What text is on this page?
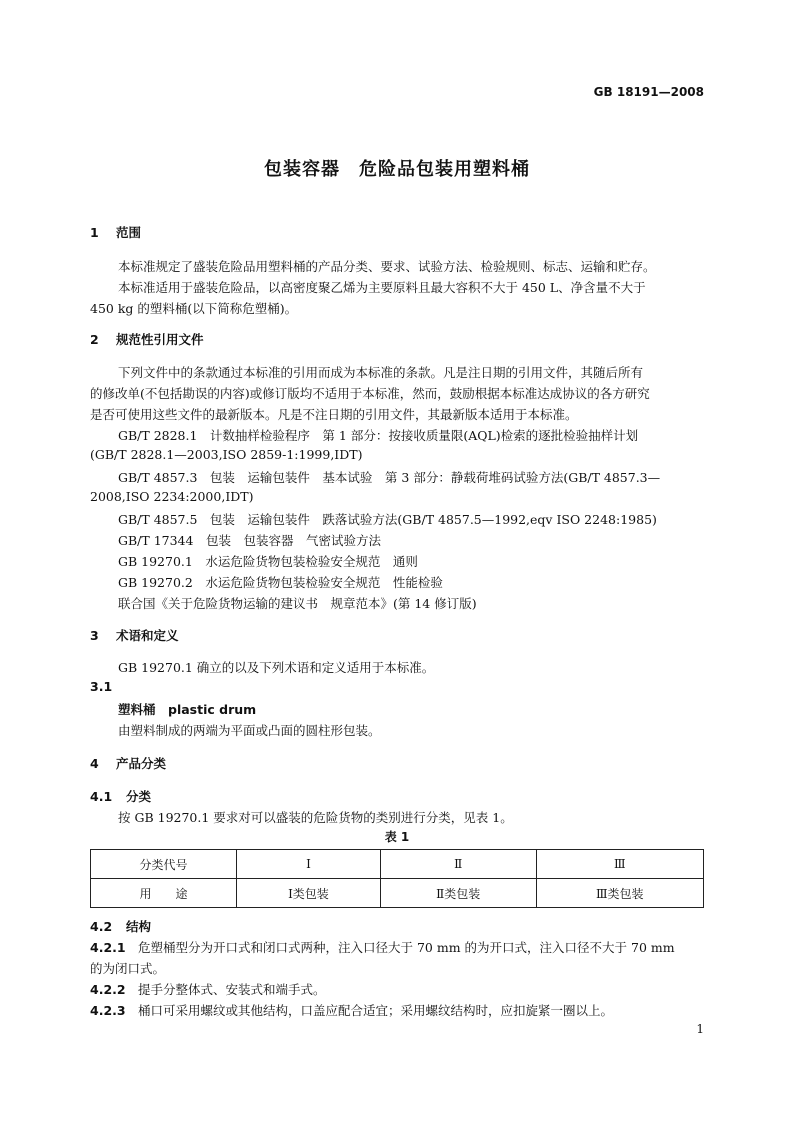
GB 18191—2008
包装容器　危险品包装用塑料桶
1 范围
本标准规定了盛装危险品用塑料桶的产品分类、要求、试验方法、检验规则、标志、运输和贮存。
本标准适用于盛装危险品，以高密度聚乙烯为主要原料且最大容积不大于 450 L、净含量不大于
450 kg 的塑料桶(以下简称危塑桶)。
2 规范性引用文件
下列文件中的条款通过本标准的引用而成为本标准的条款。凡是注日期的引用文件，其随后所有
的修改单(不包括勘误的内容)或修订版均不适用于本标准，然而，鼓励根据本标准达成协议的各方研究
是否可使用这些文件的最新版本。凡是不注日期的引用文件，其最新版本适用于本标准。
GB/T 2828.1　计数抽样检验程序　第 1 部分：按接收质量限(AQL)检索的逐批检验抽样计划
(GB/T 2828.1—2003,ISO 2859-1:1999,IDT)
GB/T 4857.3　包装　运输包装件　基本试验　第 3 部分：静载荷堆码试验方法(GB/T 4857.3—
2008,ISO 2234:2000,IDT)
GB/T 4857.5　包装　运输包装件　跌落试验方法(GB/T 4857.5—1992,eqv ISO 2248:1985)
GB/T 17344　包装　包装容器　气密试验方法
GB 19270.1　水运危险货物包装检验安全规范　通则
GB 19270.2　水运危险货物包装检验安全规范　性能检验
联合国《关于危险货物运输的建议书　规章范本》(第 14 修订版)
3 术语和定义
GB 19270.1 确立的以及下列术语和定义适用于本标准。
3.1
塑料桶　plastic drum
由塑料制成的两端为平面或凸面的圆柱形包装。
4 产品分类
4.1 分类
按 GB 19270.1 要求对可以盛装的危险货物的类别进行分类，见表 1。
表 1
分类代号	Ⅰ	Ⅱ	Ⅲ
用　　途	Ⅰ类包装	Ⅱ类包装	Ⅲ类包装
4.2 结构
4.2.1 危塑桶型分为开口式和闭口式两种，注入口径大于 70 mm 的为开口式，注入口径不大于 70 mm
的为闭口式。
4.2.2 提手分整体式、安装式和端手式。
4.2.3 桶口可采用螺纹或其他结构，口盖应配合适宜；采用螺纹结构时，应扣旋紧一圈以上。
1
